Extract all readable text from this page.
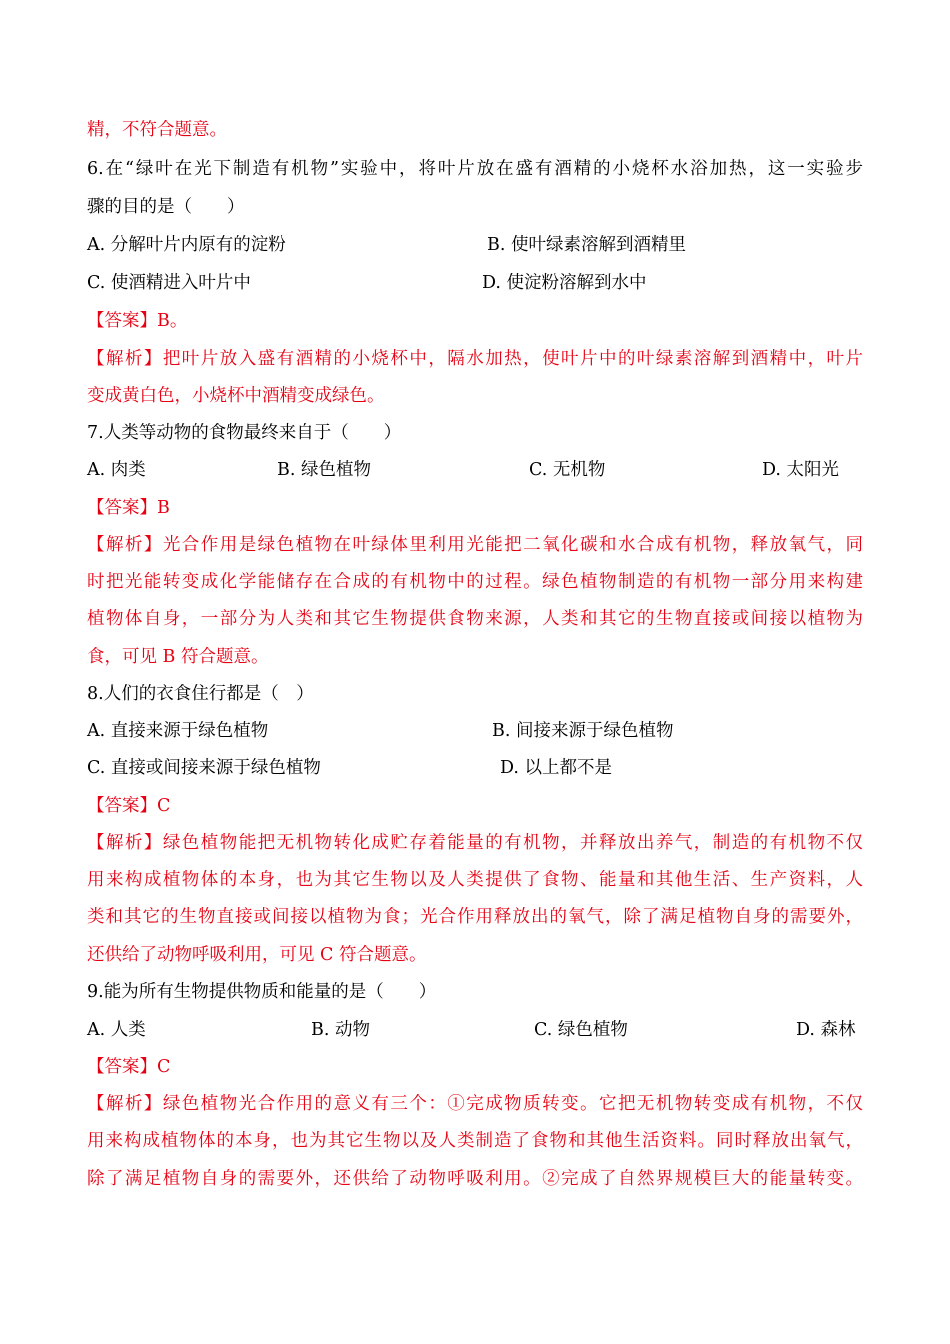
精，不符合题意。
6.在“绿叶在光下制造有机物”实验中，将叶片放在盛有酒精的小烧杯水浴加热，这一实验步
骤的目的是（　　）
A. 分解叶片内原有的淀粉	B. 使叶绿素溶解到酒精里
C. 使酒精进入叶片中	D. 使淀粉溶解到水中
【答案】B。
【解析】把叶片放入盛有酒精的小烧杯中，隔水加热，使叶片中的叶绿素溶解到酒精中，叶片
变成黄白色，小烧杯中酒精变成绿色。
7.人类等动物的食物最终来自于（　　）
A. 肉类	B. 绿色植物	C. 无机物	D. 太阳光
【答案】B
【解析】光合作用是绿色植物在叶绿体里利用光能把二氧化碳和水合成有机物，释放氧气，同
时把光能转变成化学能储存在合成的有机物中的过程。绿色植物制造的有机物一部分用来构建
植物体自身，一部分为人类和其它生物提供食物来源，人类和其它的生物直接或间接以植物为
食，可见 B 符合题意。
8.人们的衣食住行都是（　）
A. 直接来源于绿色植物	B. 间接来源于绿色植物
C. 直接或间接来源于绿色植物	D. 以上都不是
【答案】C
【解析】绿色植物能把无机物转化成贮存着能量的有机物，并释放出养气，制造的有机物不仅
用来构成植物体的本身，也为其它生物以及人类提供了食物、能量和其他生活、生产资料，人
类和其它的生物直接或间接以植物为食；光合作用释放出的氧气，除了满足植物自身的需要外，
还供给了动物呼吸利用，可见 C 符合题意。
9.能为所有生物提供物质和能量的是（　　）
A. 人类	B. 动物	C. 绿色植物	D. 森林
【答案】C
【解析】绿色植物光合作用的意义有三个：①完成物质转变。它把无机物转变成有机物，不仅
用来构成植物体的本身，也为其它生物以及人类制造了食物和其他生活资料。同时释放出氧气，
除了满足植物自身的需要外，还供给了动物呼吸利用。②完成了自然界规模巨大的能量转变。
